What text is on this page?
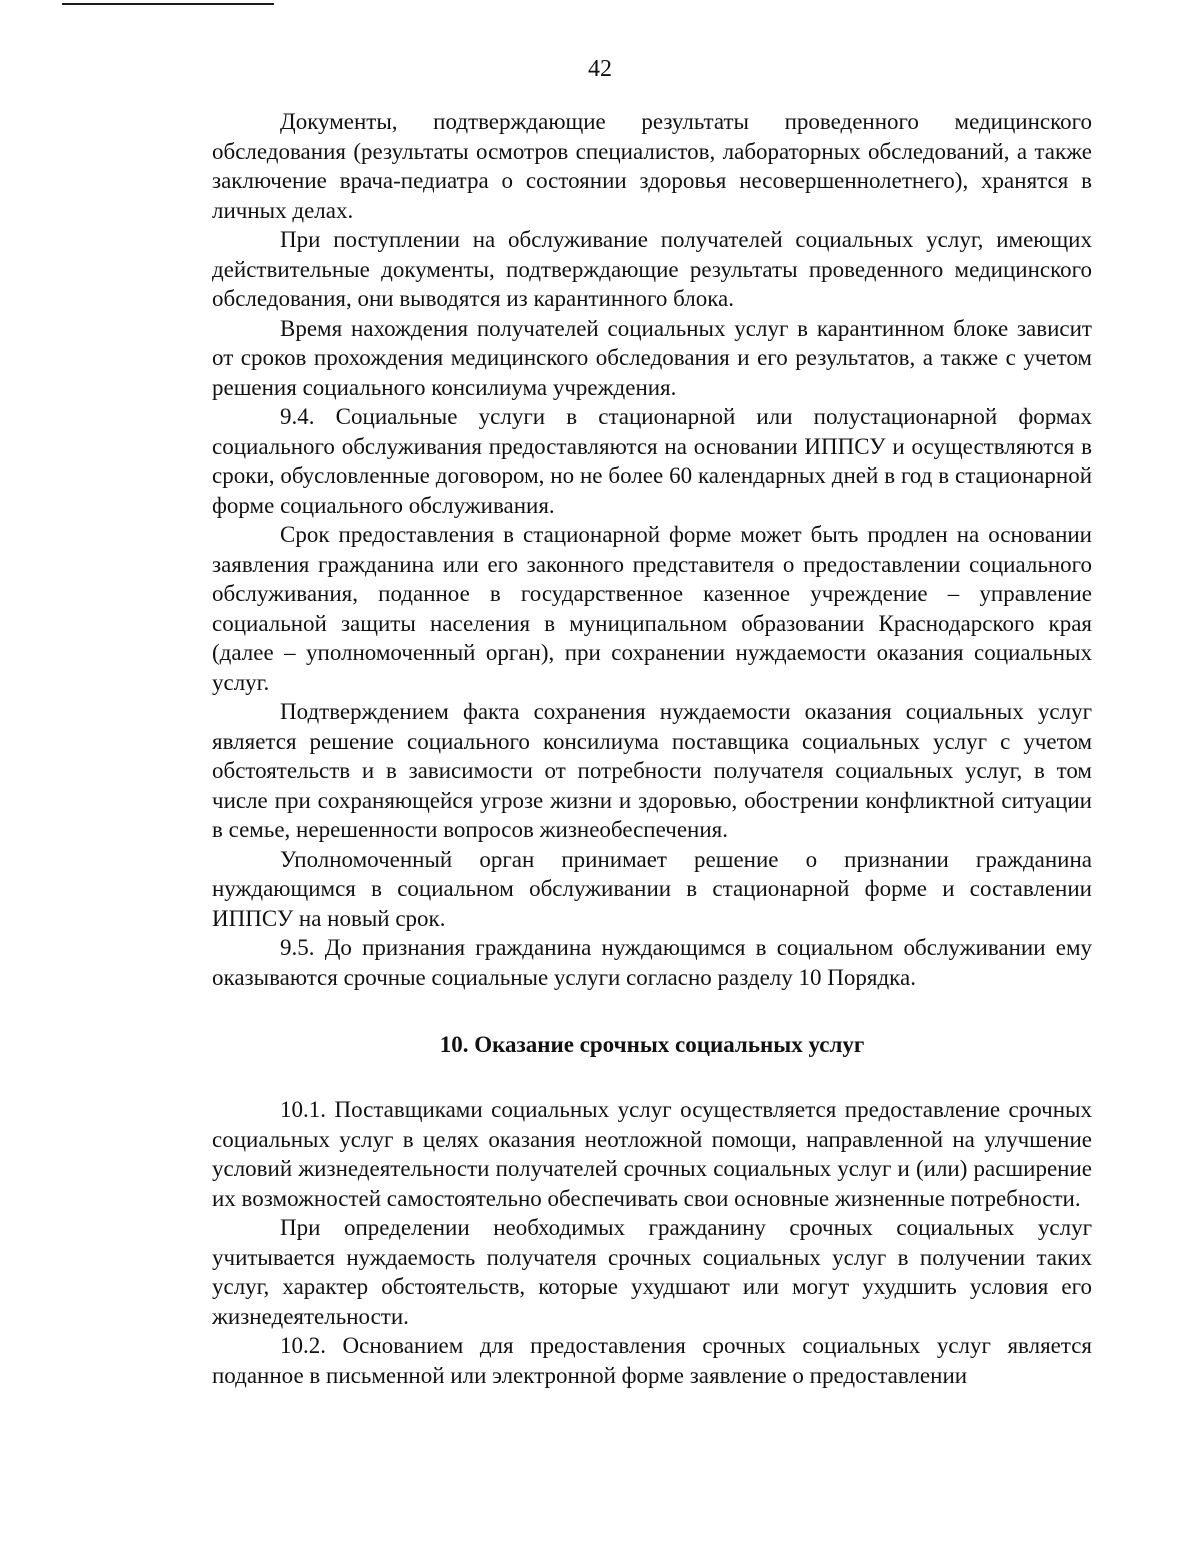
42

Документы, подтверждающие результаты проведенного медицинского обследования (результаты осмотров специалистов, лабораторных обследований, а также заключение врача-педиатра о состоянии здоровья несовершеннолетнего), хранятся в личных делах.

При поступлении на обслуживание получателей социальных услуг, имеющих действительные документы, подтверждающие результаты проведенного медицинского обследования, они выводятся из карантинного блока.

Время нахождения получателей социальных услуг в карантинном блоке зависит от сроков прохождения медицинского обследования и его результатов, а также с учетом решения социального консилиума учреждения.

9.4. Социальные услуги в стационарной или полустационарной формах социального обслуживания предоставляются на основании ИППСУ и осуществляются в сроки, обусловленные договором, но не более 60 календарных дней в год в стационарной форме социального обслуживания.

Срок предоставления в стационарной форме может быть продлен на основании заявления гражданина или его законного представителя о предоставлении социального обслуживания, поданное в государственное казенное учреждение – управление социальной защиты населения в муниципальном образовании Краснодарского края (далее – уполномоченный орган), при сохранении нуждаемости оказания социальных услуг.

Подтверждением факта сохранения нуждаемости оказания социальных услуг является решение социального консилиума поставщика социальных услуг с учетом обстоятельств и в зависимости от потребности получателя социальных услуг, в том числе при сохраняющейся угрозе жизни и здоровью, обострении конфликтной ситуации в семье, нерешенности вопросов жизнеобеспечения.

Уполномоченный орган принимает решение о признании гражданина нуждающимся в социальном обслуживании в стационарной форме и составлении ИППСУ на новый срок.

9.5. До признания гражданина нуждающимся в социальном обслуживании ему оказываются срочные социальные услуги согласно разделу 10 Порядка.

10. Оказание срочных социальных услуг

10.1. Поставщиками социальных услуг осуществляется предоставление срочных социальных услуг в целях оказания неотложной помощи, направленной на улучшение условий жизнедеятельности получателей срочных социальных услуг и (или) расширение их возможностей самостоятельно обеспечивать свои основные жизненные потребности.

При определении необходимых гражданину срочных социальных услуг учитывается нуждаемость получателя срочных социальных услуг в получении таких услуг, характер обстоятельств, которые ухудшают или могут ухудшить условия его жизнедеятельности.

10.2. Основанием для предоставления срочных социальных услуг является поданное в письменной или электронной форме заявление о предоставлении
